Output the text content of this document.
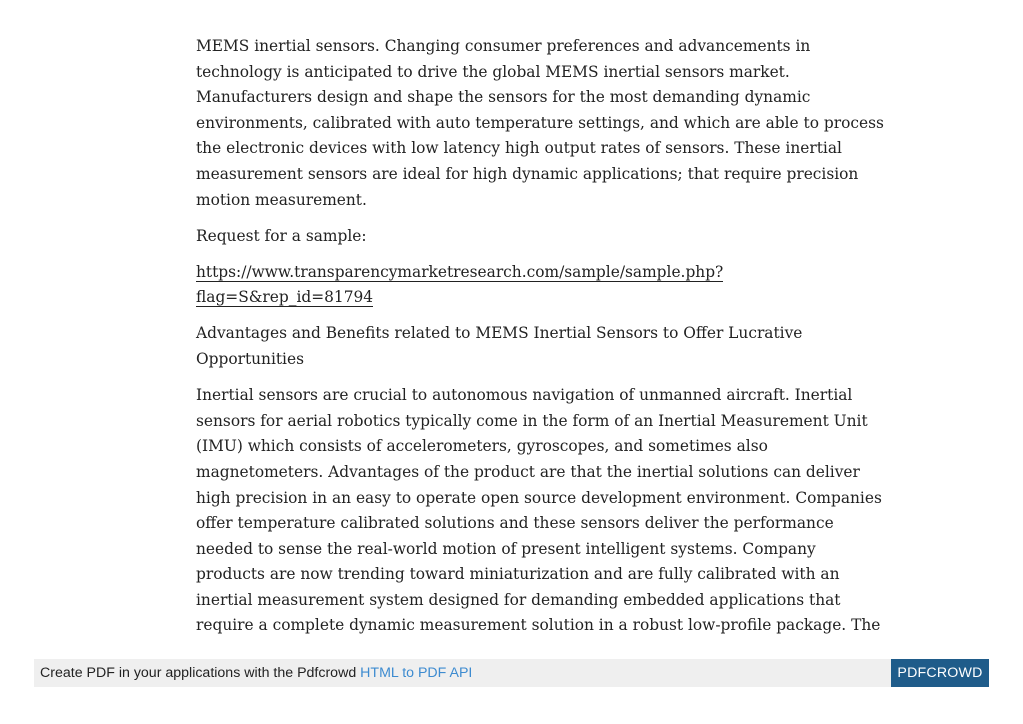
MEMS inertial sensors. Changing consumer preferences and advancements in

technology is anticipated to drive the global MEMS inertial sensors market.

Manufacturers design and shape the sensors for the most demanding dynamic

environments, calibrated with auto temperature settings, and which are able to process

the electronic devices with low latency high output rates of sensors. These inertial

measurement sensors are ideal for high dynamic applications; that require precision

motion measurement.

Request for a sample:

https://www.transparencymarketresearch.com/sample/sample.php?

flag=S&rep_id=81794

Advantages and Benefits related to MEMS Inertial Sensors to Offer Lucrative

Opportunities

Inertial sensors are crucial to autonomous navigation of unmanned aircraft. Inertial

sensors for aerial robotics typically come in the form of an Inertial Measurement Unit

(IMU) which consists of accelerometers, gyroscopes, and sometimes also

magnetometers. Advantages of the product are that the inertial solutions can deliver

high precision in an easy to operate open source development environment. Companies

offer temperature calibrated solutions and these sensors deliver the performance

needed to sense the real-world motion of present intelligent systems. Company

products are now trending toward miniaturization and are fully calibrated with an

inertial measurement system designed for demanding embedded applications that

require a complete dynamic measurement solution in a robust low-profile package. The

Create PDF in your applications with the Pdfcrowd HTML to PDF API	PDFCROWD
